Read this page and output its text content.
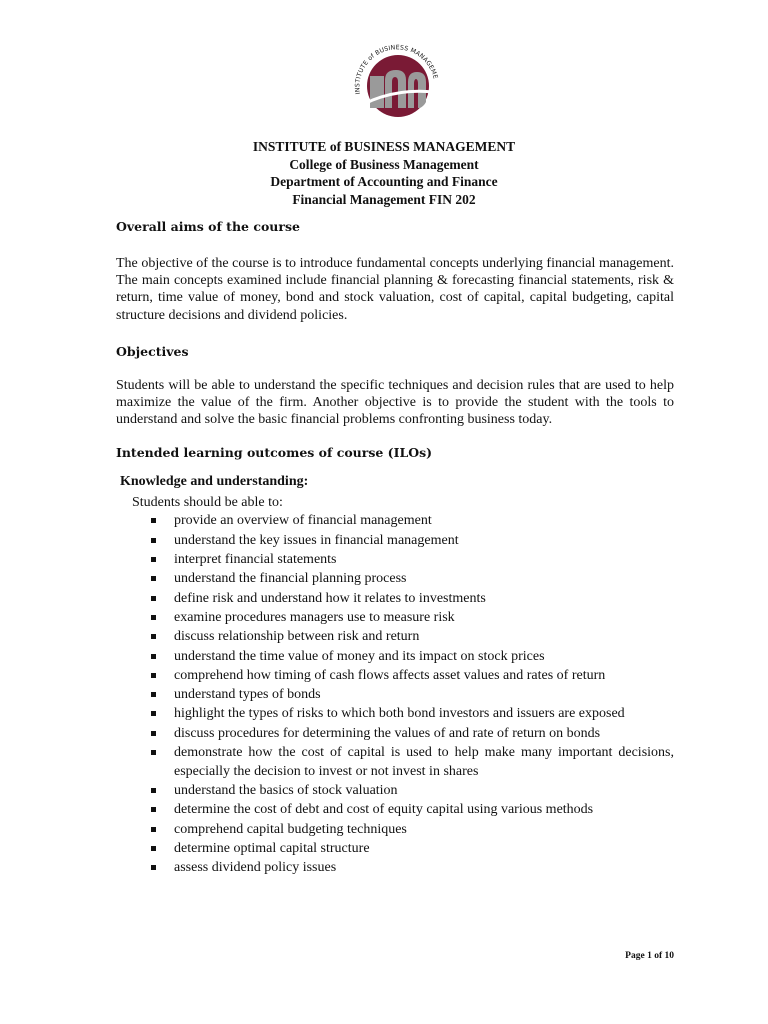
INSTITUTE of BUSINESS MANAGEME
INSTITUTE of BUSINESS MANAGEMENT
College of Business Management
Department of Accounting and Finance
Financial Management FIN 202
Overall aims of the course

The objective of the course is to introduce fundamental concepts underlying financial management. The main concepts examined include financial planning & forecasting financial statements, risk & return, time value of money, bond and stock valuation, cost of capital, capital budgeting, capital structure decisions and dividend policies.

Objectives

Students will be able to understand the specific techniques and decision rules that are used to help maximize the value of the firm. Another objective is to provide the student with the tools to understand and solve the basic financial problems confronting business today.

Intended learning outcomes of course (ILOs)
Knowledge and understanding:
Students should be able to:
provide an overview of financial management
understand the key issues in financial management
interpret financial statements
understand the financial planning process
define risk and understand how it relates to investments
examine procedures managers use to measure risk
discuss relationship between risk and return
understand the time value of money and its impact on stock prices
comprehend how timing of cash flows affects asset values and rates of return
understand types of bonds
highlight the types of risks to which both bond investors and issuers are exposed
discuss procedures for determining the values of and rate of return on bonds
demonstrate how the cost of capital is used to help make many important decisions, especially the decision to invest or not invest in shares
understand the basics of stock valuation
determine the cost of debt and cost of equity capital using various methods
comprehend capital budgeting techniques
determine optimal capital structure
assess dividend policy issues
Page 1 of 10
